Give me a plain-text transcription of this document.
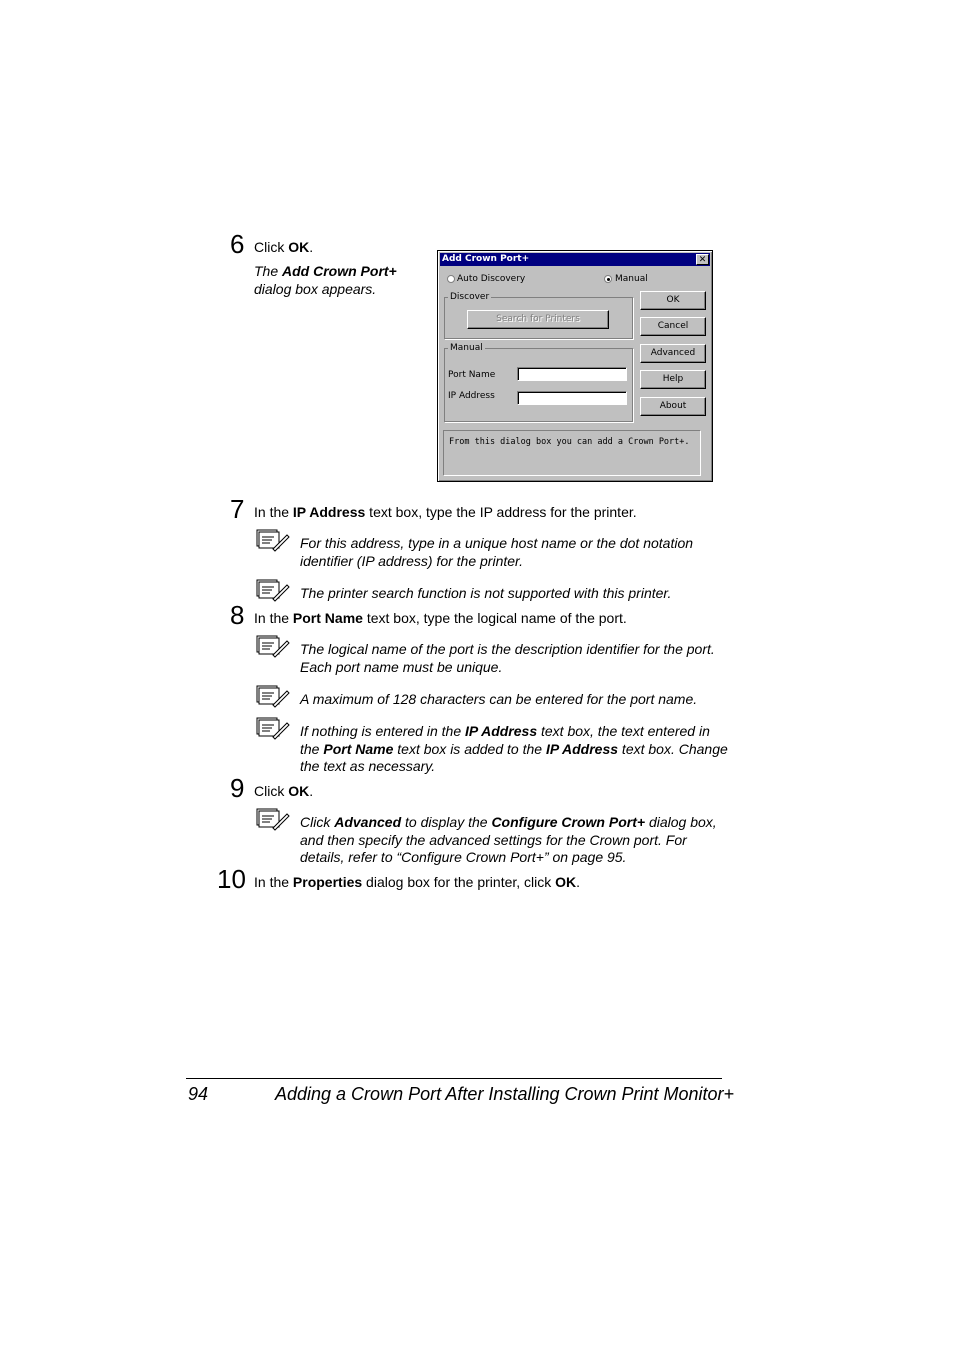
6 Click OK.
The Add Crown Port+
dialog box appears.
Add Crown Port+	✕
Auto Discovery	Manual
Discover
Search for Printers
Manual
Port Name
IP Address
OK
Cancel
Advanced
Help
About
From this dialog box you can add a Crown Port+.
7 In the IP Address text box, type the IP address for the printer.
For this address, type in a unique host name or the dot notation identifier (IP address) for the printer.
The printer search function is not supported with this printer.
8 In the Port Name text box, type the logical name of the port.
The logical name of the port is the description identifier for the port. Each port name must be unique.
A maximum of 128 characters can be entered for the port name.
If nothing is entered in the IP Address text box, the text entered in the Port Name text box is added to the IP Address text box. Change the text as necessary.
9 Click OK.
Click Advanced to display the Configure Crown Port+ dialog box, and then specify the advanced settings for the Crown port. For details, refer to “Configure Crown Port+” on page 95.
10 In the Properties dialog box for the printer, click OK.
94	Adding a Crown Port After Installing Crown Print Monitor+
